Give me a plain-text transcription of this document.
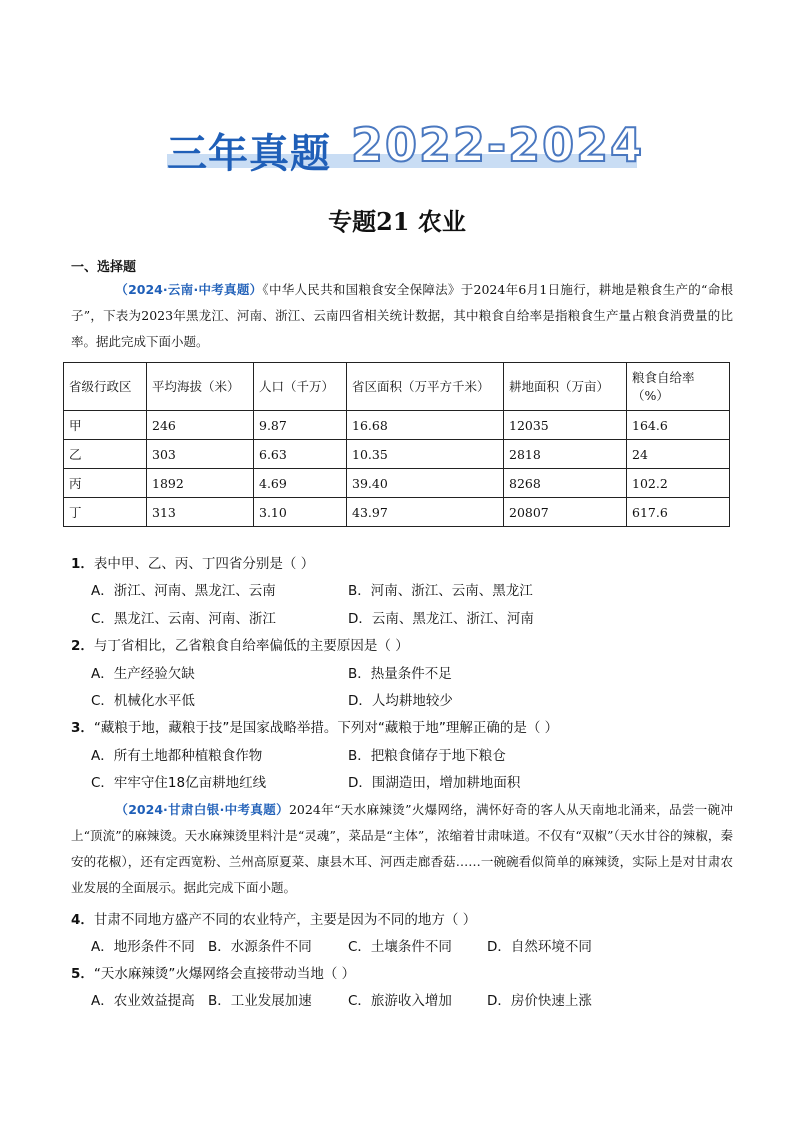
三年真题 2022-2024
专题21 农业
一、选择题
（2024·云南·中考真题）《中华人民共和国粮食安全保障法》于2024年6月1日施行，耕地是粮食生产的“命根子”，下表为2023年黑龙江、河南、浙江、云南四省相关统计数据，其中粮食自给率是指粮食生产量占粮食消费量的比率。据此完成下面小题。
省级行政区	平均海拔（米）	人口（千万）	省区面积（万平方千米）	耕地面积（万亩）	粮食自给率（%）
甲	246	9.87	16.68	12035	164.6
乙	303	6.63	10.35	2818	24
丙	1892	4.69	39.40	8268	102.2
丁	313	3.10	43.97	20807	617.6
1．表中甲、乙、丙、丁四省分别是（ ）
A．浙江、河南、黑龙江、云南	B．河南、浙江、云南、黑龙江
C．黑龙江、云南、河南、浙江	D．云南、黑龙江、浙江、河南
2．与丁省相比，乙省粮食自给率偏低的主要原因是（ ）
A．生产经验欠缺	B．热量条件不足
C．机械化水平低	D．人均耕地较少
3．“藏粮于地，藏粮于技”是国家战略举措。下列对“藏粮于地”理解正确的是（ ）
A．所有土地都种植粮食作物	B．把粮食储存于地下粮仓
C．牢牢守住18亿亩耕地红线	D．围湖造田，增加耕地面积
（2024·甘肃白银·中考真题）2024年“天水麻辣烫”火爆网络，满怀好奇的客人从天南地北涌来，品尝一碗冲上“顶流”的麻辣烫。天水麻辣烫里料汁是“灵魂”，菜品是“主体”，浓缩着甘肃味道。不仅有“双椒”（天水甘谷的辣椒，秦安的花椒），还有定西宽粉、兰州高原夏菜、康县木耳、河西走廊香菇……一碗碗看似简单的麻辣烫，实际上是对甘肃农业发展的全面展示。据此完成下面小题。
4．甘肃不同地方盛产不同的农业特产，主要是因为不同的地方（ ）
A．地形条件不同 B．水源条件不同	C．土壤条件不同	D．自然环境不同
5．“天水麻辣烫”火爆网络会直接带动当地（ ）
A．农业效益提高 B．工业发展加速	C．旅游收入增加	D．房价快速上涨
